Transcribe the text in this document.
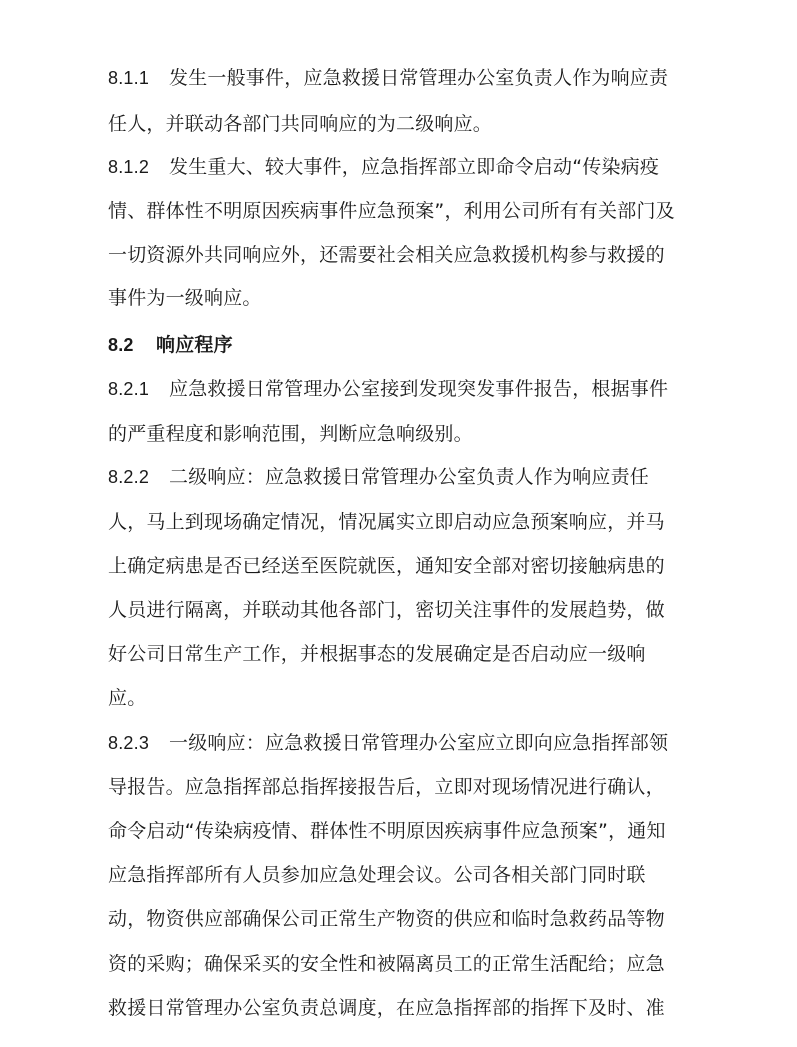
8.1.1 发生一般事件，应急救援日常管理办公室负责人作为响应责
任人，并联动各部门共同响应的为二级响应。
8.1.2 发生重大、较大事件，应急指挥部立即命令启动“传染病疫
情、群体性不明原因疾病事件应急预案”，利用公司所有有关部门及
一切资源外共同响应外，还需要社会相关应急救援机构参与救援的
事件为一级响应。
8.2 响应程序
8.2.1 应急救援日常管理办公室接到发现突发事件报告，根据事件
的严重程度和影响范围，判断应急响级别。
8.2.2 二级响应：应急救援日常管理办公室负责人作为响应责任
人，马上到现场确定情况，情况属实立即启动应急预案响应，并马
上确定病患是否已经送至医院就医，通知安全部对密切接触病患的
人员进行隔离，并联动其他各部门，密切关注事件的发展趋势，做
好公司日常生产工作，并根据事态的发展确定是否启动应一级响
应。
8.2.3 一级响应：应急救援日常管理办公室应立即向应急指挥部领
导报告。应急指挥部总指挥接报告后，立即对现场情况进行确认，
命令启动“传染病疫情、群体性不明原因疾病事件应急预案”，通知
应急指挥部所有人员参加应急处理会议。公司各相关部门同时联
动，物资供应部确保公司正常生产物资的供应和临时急救药品等物
资的采购；确保采买的安全性和被隔离员工的正常生活配给；应急
救援日常管理办公室负责总调度，在应急指挥部的指挥下及时、准
